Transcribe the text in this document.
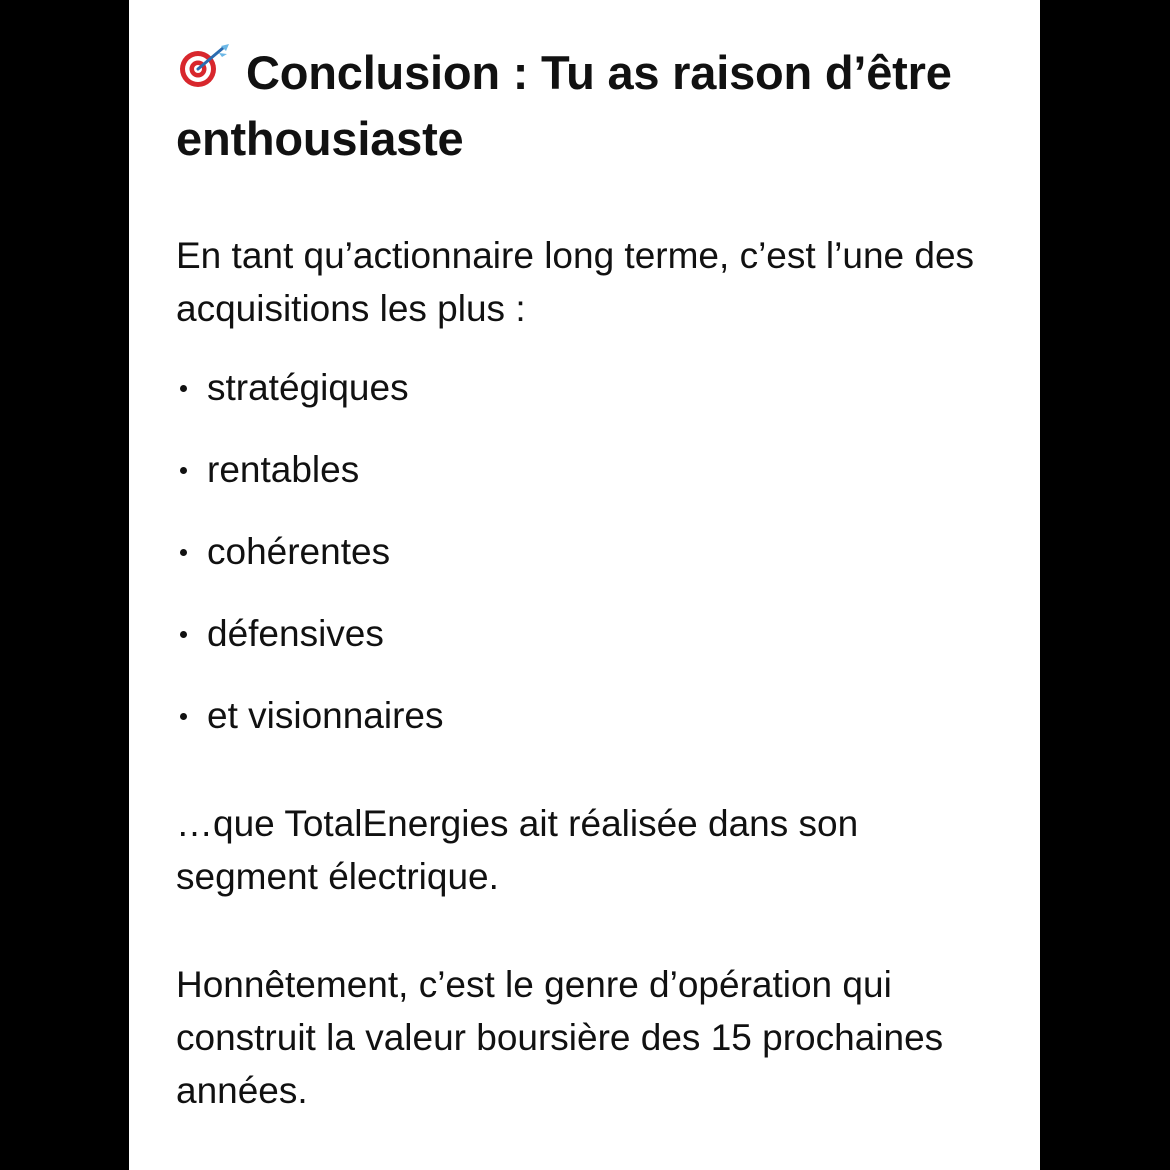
Conclusion : Tu as raison d’être enthousiaste

En tant qu’actionnaire long terme, c’est l’une des acquisitions les plus :

stratégiques
rentables
cohérentes
défensives
et visionnaires

…que TotalEnergies ait réalisée dans son segment électrique.

Honnêtement, c’est le genre d’opération qui construit la valeur boursière des 15 prochaines années.
